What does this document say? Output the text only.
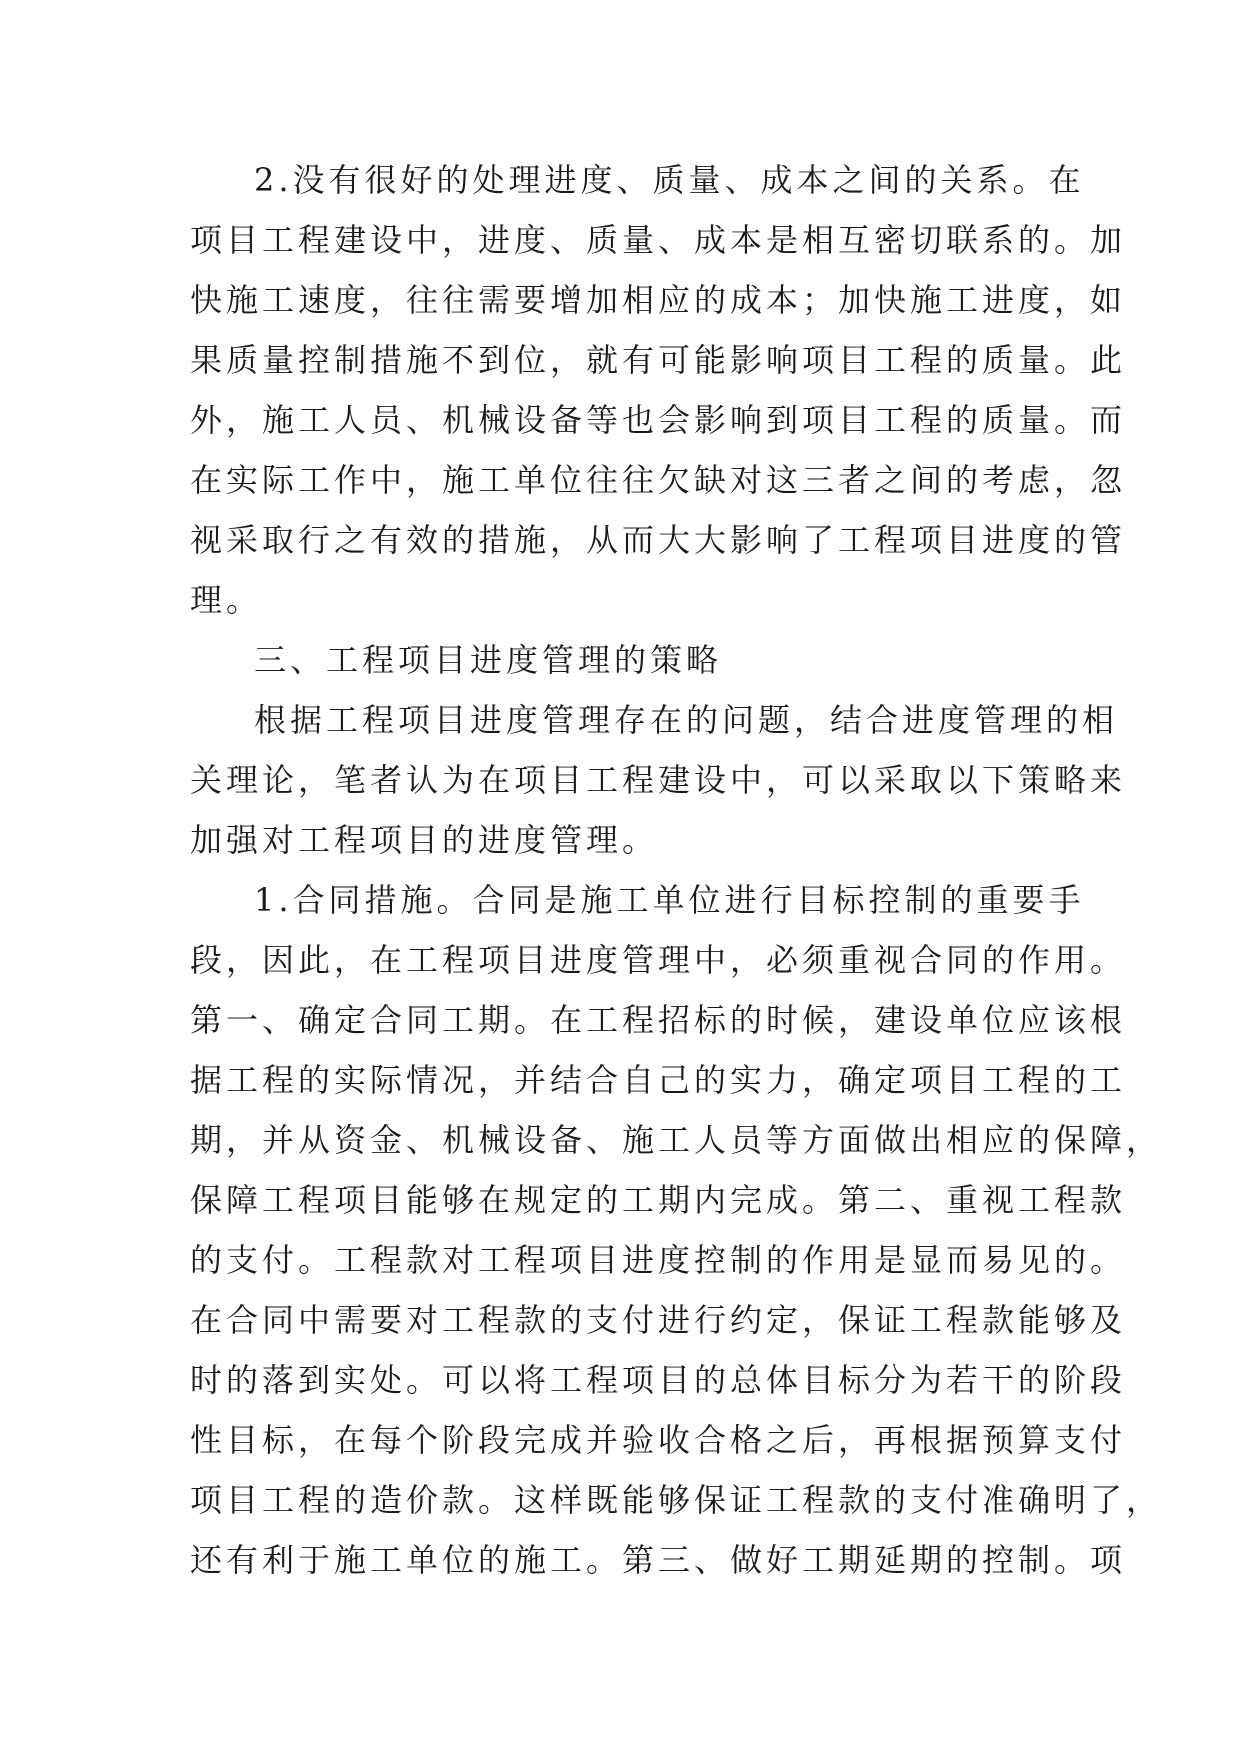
2.没有很好的处理进度、质量、成本之间的关系。在
项目工程建设中，进度、质量、成本是相互密切联系的。加
快施工速度，往往需要增加相应的成本；加快施工进度，如
果质量控制措施不到位，就有可能影响项目工程的质量。此
外，施工人员、机械设备等也会影响到项目工程的质量。而
在实际工作中，施工单位往往欠缺对这三者之间的考虑，忽
视采取行之有效的措施，从而大大影响了工程项目进度的管
理。
三、工程项目进度管理的策略
根据工程项目进度管理存在的问题，结合进度管理的相
关理论，笔者认为在项目工程建设中，可以采取以下策略来
加强对工程项目的进度管理。
1.合同措施。合同是施工单位进行目标控制的重要手
段，因此，在工程项目进度管理中，必须重视合同的作用。
第一、确定合同工期。在工程招标的时候，建设单位应该根
据工程的实际情况，并结合自己的实力，确定项目工程的工
期，并从资金、机械设备、施工人员等方面做出相应的保障，
保障工程项目能够在规定的工期内完成。第二、重视工程款
的支付。工程款对工程项目进度控制的作用是显而易见的。
在合同中需要对工程款的支付进行约定，保证工程款能够及
时的落到实处。可以将工程项目的总体目标分为若干的阶段
性目标，在每个阶段完成并验收合格之后，再根据预算支付
项目工程的造价款。这样既能够保证工程款的支付准确明了，
还有利于施工单位的施工。第三、做好工期延期的控制。项
